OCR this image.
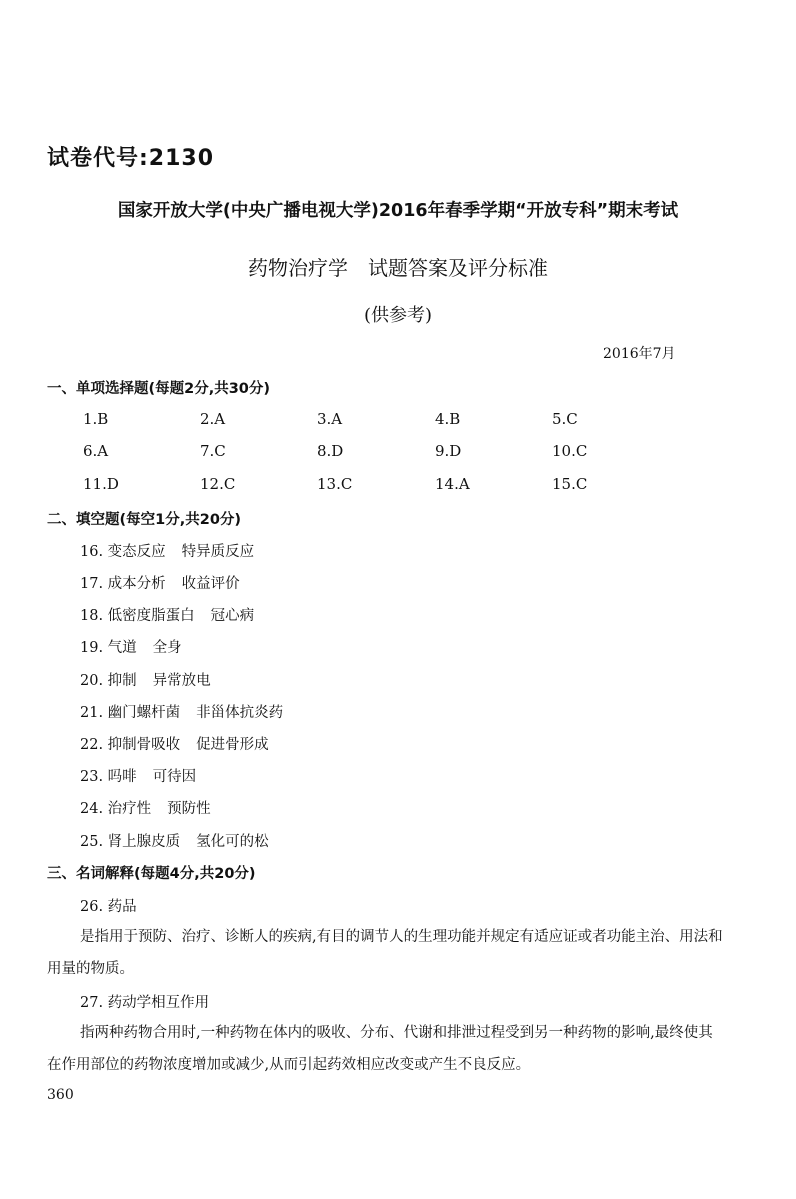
试卷代号:2130
国家开放大学(中央广播电视大学)2016年春季学期“开放专科”期末考试
药物治疗学　试题答案及评分标准
(供参考)
2016年7月
一、单项选择题(每题2分,共30分)
1.B	2.A	3.A	4.B	5.C
6.A	7.C	8.D	9.D	10.C
11.D	12.C	13.C	14.A	15.C
二、填空题(每空1分,共20分)
16. 变态反应 特异质反应
17. 成本分析 收益评价
18. 低密度脂蛋白 冠心病
19. 气道 全身
20. 抑制 异常放电
21. 幽门螺杆菌 非甾体抗炎药
22. 抑制骨吸收 促进骨形成
23. 吗啡 可待因
24. 治疗性 预防性
25. 肾上腺皮质 氢化可的松
三、名词解释(每题4分,共20分)
26. 药品
是指用于预防、治疗、诊断人的疾病,有目的调节人的生理功能并规定有适应证或者功能主治、用法和用量的物质。
27. 药动学相互作用
指两种药物合用时,一种药物在体内的吸收、分布、代谢和排泄过程受到另一种药物的影响,最终使其在作用部位的药物浓度增加或减少,从而引起药效相应改变或产生不良反应。
360
